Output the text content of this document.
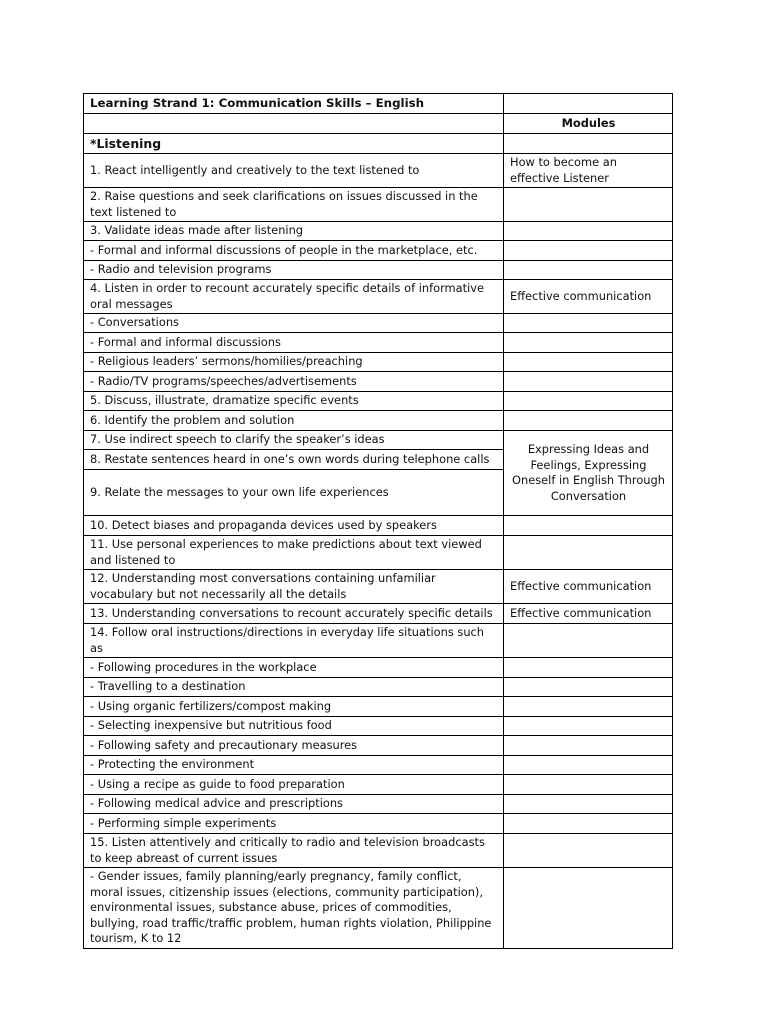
Learning Strand 1: Communication Skills – English	
	Modules
*Listening	
1. React intelligently and creatively to the text listened to	How to become an effective Listener
2. Raise questions and seek clarifications on issues discussed in the text listened to	
3. Validate ideas made after listening	
- Formal and informal discussions of people in the marketplace, etc.	
- Radio and television programs	
4. Listen in order to recount accurately specific details of informative oral messages	Effective communication
- Conversations	
- Formal and informal discussions	
- Religious leaders’ sermons/homilies/preaching	
- Radio/TV programs/speeches/advertisements	
5. Discuss, illustrate, dramatize specific events	
6. Identify the problem and solution	
7. Use indirect speech to clarify the speaker’s ideas	Expressing Ideas and Feelings, Expressing Oneself in English Through Conversation
8. Restate sentences heard in one’s own words during telephone calls	
9. Relate the messages to your own life experiences	
10. Detect biases and propaganda devices used by speakers	
11. Use personal experiences to make predictions about text viewed and listened to	
12. Understanding most conversations containing unfamiliar vocabulary but not necessarily all the details	Effective communication
13. Understanding conversations to recount accurately specific details	Effective communication
14. Follow oral instructions/directions in everyday life situations such as	
- Following procedures in the workplace	
- Travelling to a destination	
- Using organic fertilizers/compost making	
- Selecting inexpensive but nutritious food	
- Following safety and precautionary measures	
- Protecting the environment	
- Using a recipe as guide to food preparation	
- Following medical advice and prescriptions	
- Performing simple experiments	
15. Listen attentively and critically to radio and television broadcasts to keep abreast of current issues	
- Gender issues, family planning/early pregnancy, family conflict, moral issues, citizenship issues (elections, community participation), environmental issues, substance abuse, prices of commodities, bullying, road traffic/traffic problem, human rights violation, Philippine tourism, K to 12	
